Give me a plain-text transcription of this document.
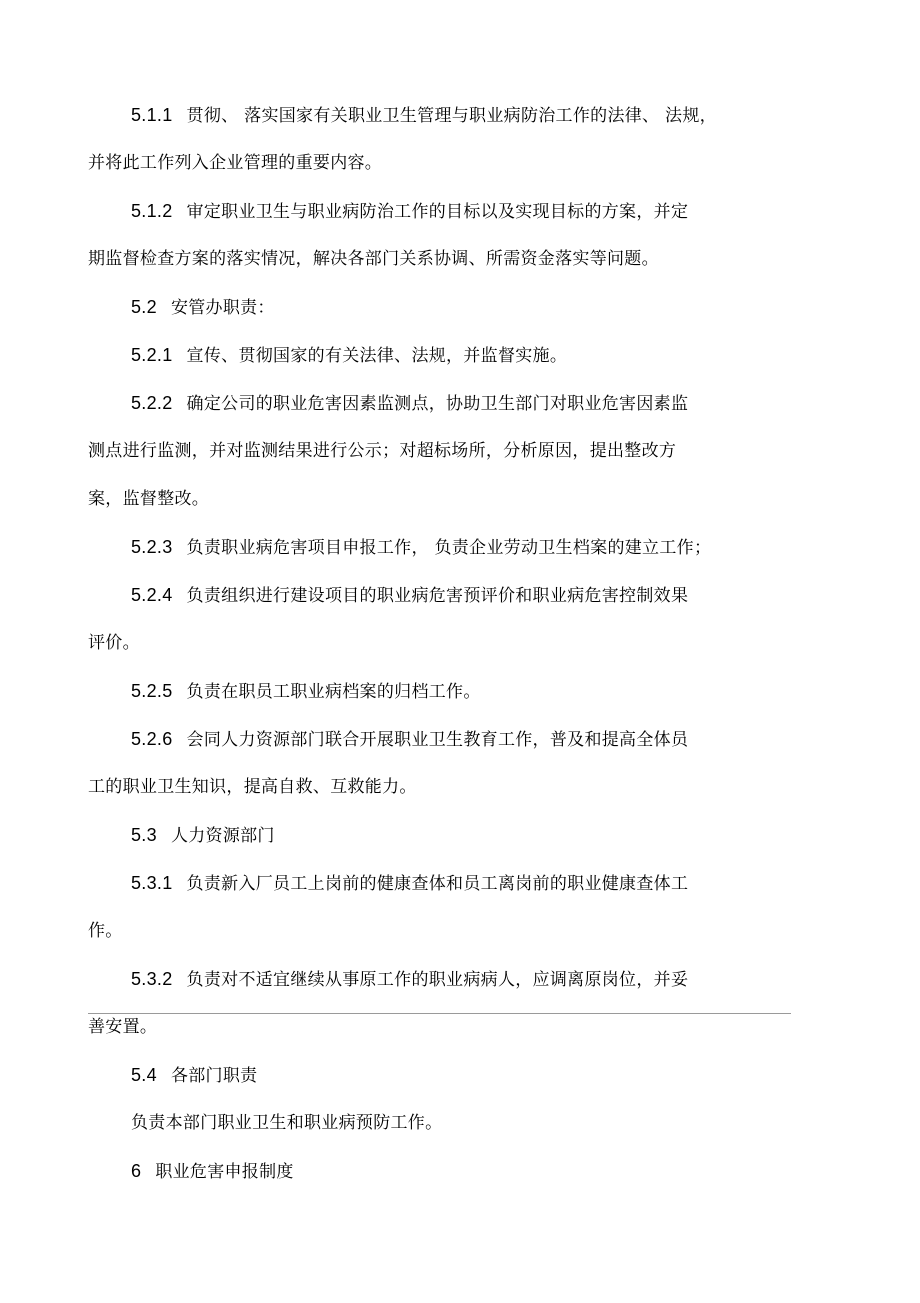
5.1.1 贯彻、 落实国家有关职业卫生管理与职业病防治工作的法律、 法规，
并将此工作列入企业管理的重要内容。
5.1.2 审定职业卫生与职业病防治工作的目标以及实现目标的方案，并定
期监督检查方案的落实情况，解决各部门关系协调、所需资金落实等问题。
5.2 安管办职责：
5.2.1 宣传、贯彻国家的有关法律、法规，并监督实施。
5.2.2 确定公司的职业危害因素监测点，协助卫生部门对职业危害因素监
测点进行监测，并对监测结果进行公示；对超标场所，分析原因，提出整改方
案，监督整改。
5.2.3 负责职业病危害项目申报工作， 负责企业劳动卫生档案的建立工作；
5.2.4 负责组织进行建设项目的职业病危害预评价和职业病危害控制效果
评价。
5.2.5 负责在职员工职业病档案的归档工作。
5.2.6 会同人力资源部门联合开展职业卫生教育工作，普及和提高全体员
工的职业卫生知识，提高自救、互救能力。
5.3 人力资源部门
5.3.1 负责新入厂员工上岗前的健康查体和员工离岗前的职业健康查体工
作。
5.3.2 负责对不适宜继续从事原工作的职业病病人，应调离原岗位，并妥
善安置。
5.4 各部门职责
负责本部门职业卫生和职业病预防工作。
6 职业危害申报制度
